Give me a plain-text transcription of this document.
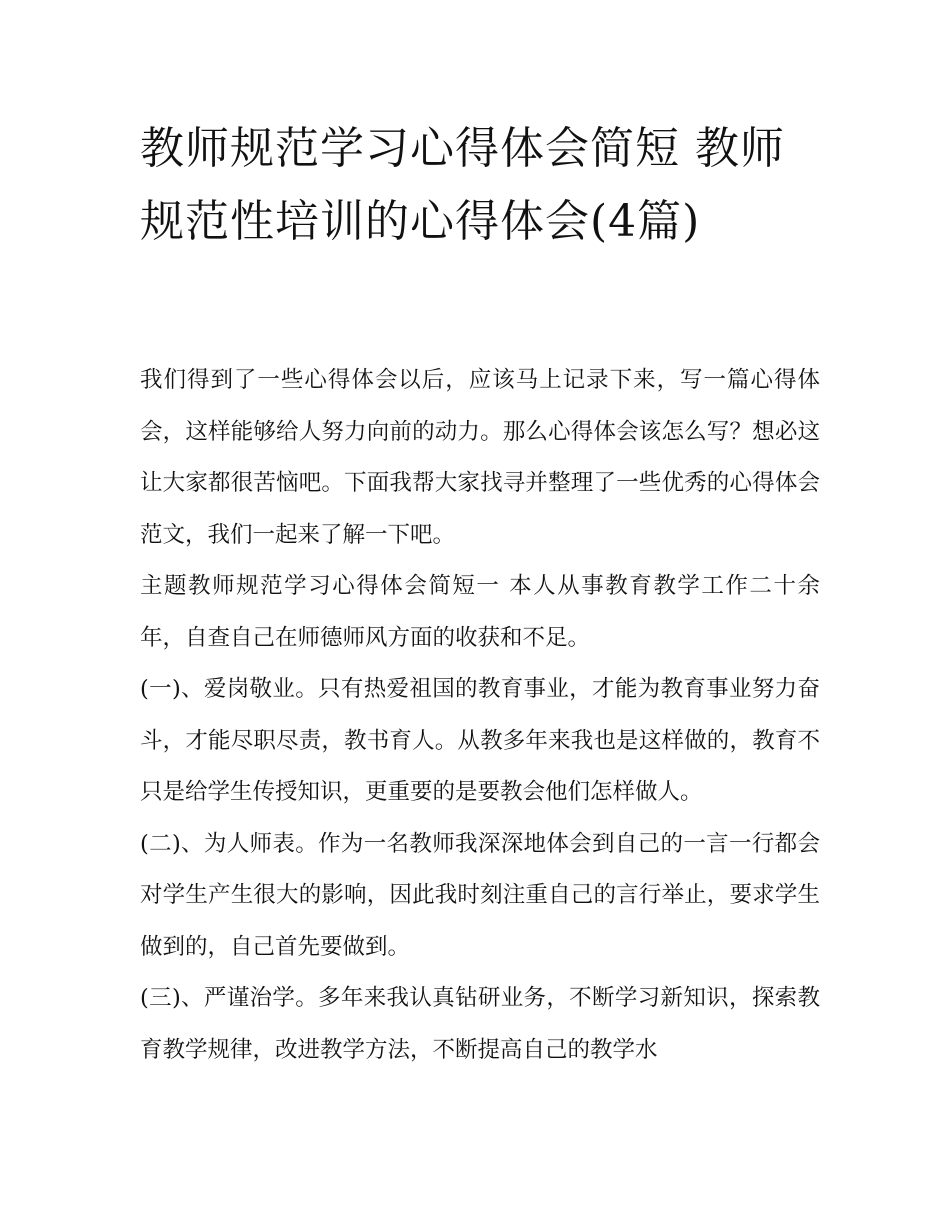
教师规范学习心得体会简短 教师规范性培训的心得体会(4篇)

我们得到了一些心得体会以后，应该马上记录下来，写一篇心得体会，这样能够给人努力向前的动力。那么心得体会该怎么写？想必这让大家都很苦恼吧。下面我帮大家找寻并整理了一些优秀的心得体会范文，我们一起来了解一下吧。

主题教师规范学习心得体会简短一 本人从事教育教学工作二十余年，自查自己在师德师风方面的收获和不足。

(一)、爱岗敬业。只有热爱祖国的教育事业，才能为教育事业努力奋斗，才能尽职尽责，教书育人。从教多年来我也是这样做的，教育不只是给学生传授知识，更重要的是要教会他们怎样做人。

(二)、为人师表。作为一名教师我深深地体会到自己的一言一行都会对学生产生很大的影响，因此我时刻注重自己的言行举止，要求学生做到的，自己首先要做到。

(三)、严谨治学。多年来我认真钻研业务，不断学习新知识，探索教育教学规律，改进教学方法，不断提高自己的教学水
